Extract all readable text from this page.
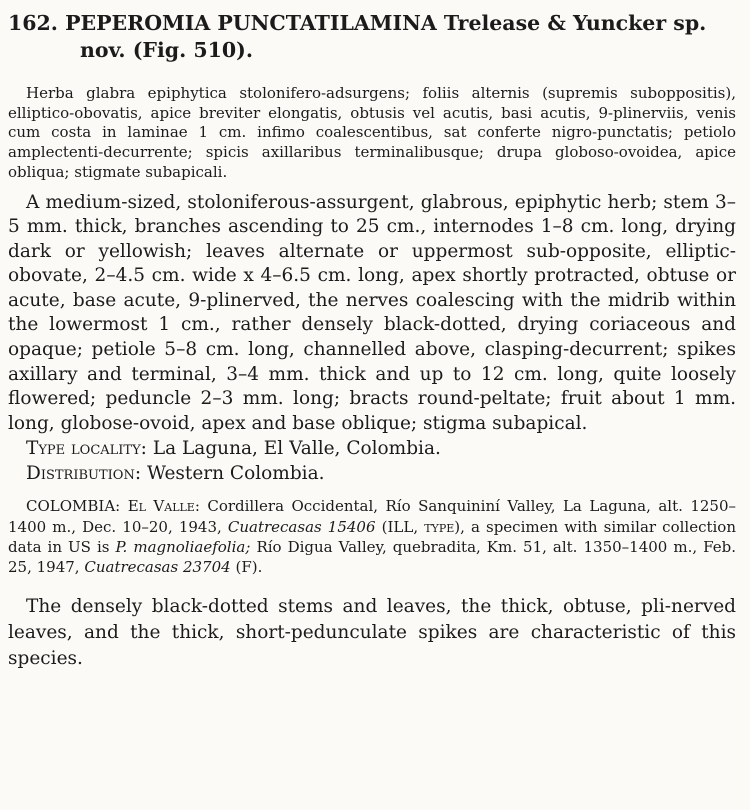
162. PEPEROMIA PUNCTATILAMINA Trelease & Yuncker sp.
nov. (Fig. 510).

Herba glabra epiphytica stolonifero-adsurgens; foliis alternis (supremis suboppositis), elliptico-obovatis, apice breviter elongatis, obtusis vel acutis, basi acutis, 9-plinerviis, venis cum costa in laminae 1 cm. infimo coalescentibus, sat conferte nigro-punctatis; petiolo amplectenti-decurrente; spicis axillaribus terminalibusque; drupa globoso-ovoidea, apice obliqua; stigmate subapicali.

A medium-sized, stoloniferous-assurgent, glabrous, epiphytic herb; stem 3–5 mm. thick, branches ascending to 25 cm., internodes 1–8 cm. long, drying dark or yellowish; leaves alternate or uppermost sub-opposite, elliptic-obovate, 2–4.5 cm. wide x 4–6.5 cm. long, apex shortly protracted, obtuse or acute, base acute, 9-plinerved, the nerves coalescing with the midrib within the lowermost 1 cm., rather densely black-dotted, drying coriaceous and opaque; petiole 5–8 cm. long, channelled above, clasping-decurrent; spikes axillary and terminal, 3–4 mm. thick and up to 12 cm. long, quite loosely flowered; peduncle 2–3 mm. long; bracts round-peltate; fruit about 1 mm. long, globose-ovoid, apex and base oblique; stigma subapical.

Type locality: La Laguna, El Valle, Colombia.
Distribution: Western Colombia.

COLOMBIA: El Valle: Cordillera Occidental, Río Sanquininí Valley, La Laguna, alt. 1250–1400 m., Dec. 10–20, 1943, Cuatrecasas 15406 (ILL, type), a specimen with similar collection data in US is P. magnoliaefolia; Río Digua Valley, quebradita, Km. 51, alt. 1350–1400 m., Feb. 25, 1947, Cuatrecasas 23704 (F).

The densely black-dotted stems and leaves, the thick, obtuse, pli-nerved leaves, and the thick, short-pedunculate spikes are characteristic of this species.
